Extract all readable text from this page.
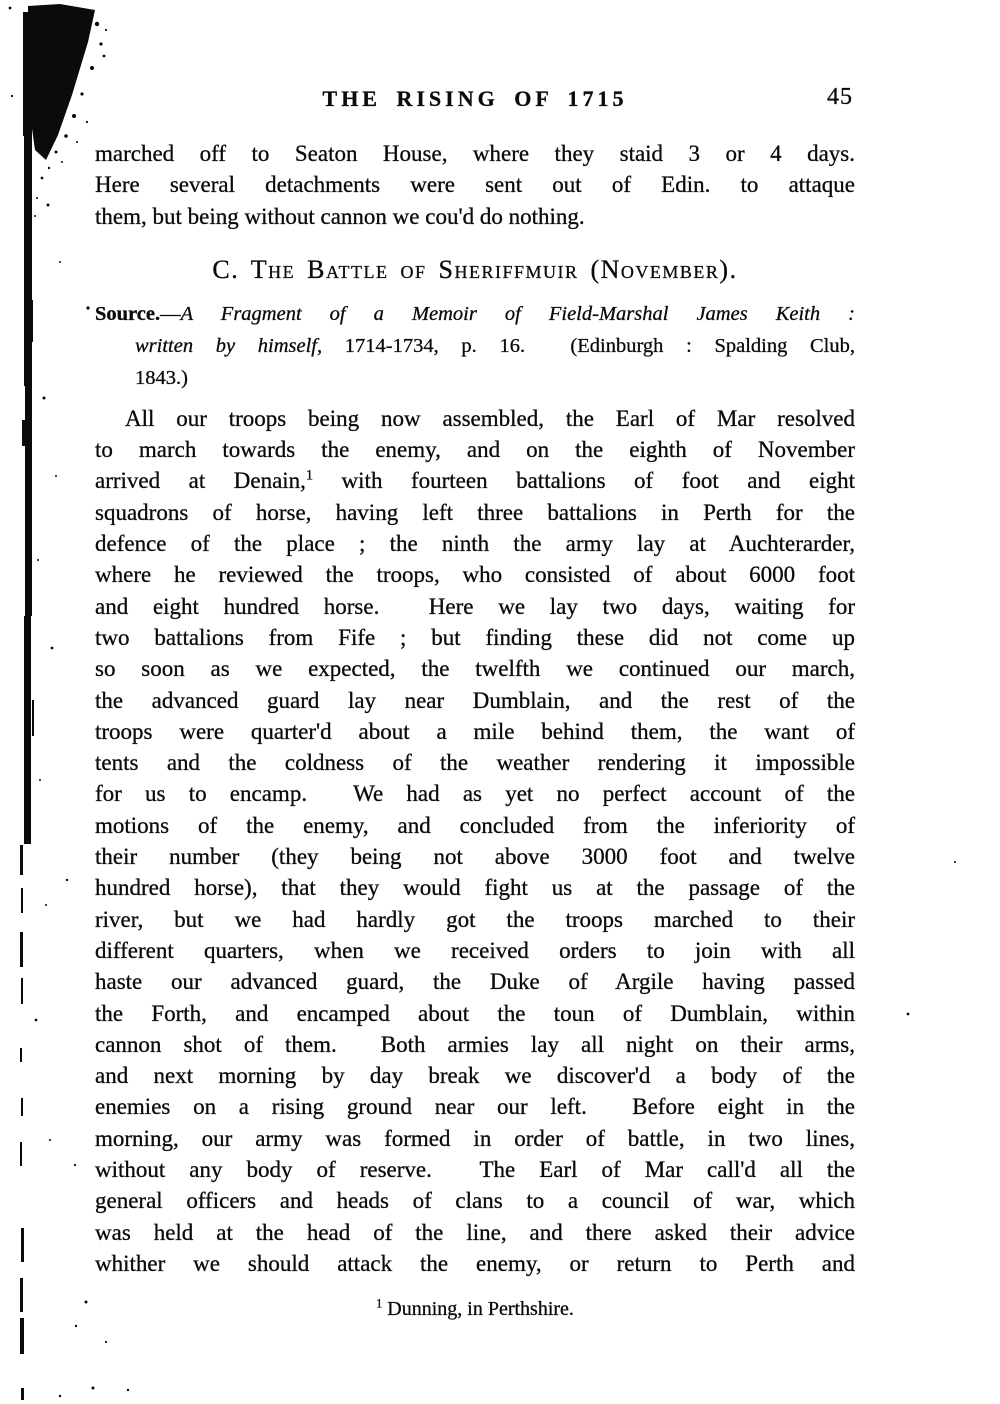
THE RISING OF 1715	45
marched off to Seaton House, where they staid 3 or 4 days.
Here several detachments were sent out of Edin. to attaque
them, but being without cannon we cou'd do nothing.
C. The Battle of Sheriffmuir (November).
Source.—A Fragment of a Memoir of Field-Marshal James Keith :
written by himself, 1714-1734, p. 16.  (Edinburgh : Spalding Club,
1843.)
All our troops being now assembled, the Earl of Mar resolved
to march towards the enemy, and on the eighth of November
arrived at Denain,$^1$ with fourteen battalions of foot and eight
squadrons of horse, having left three battalions in Perth for the
defence of the place ; the ninth the army lay at Auchterarder,
where he reviewed the troops, who consisted of about 6000 foot
and eight hundred horse.  Here we lay two days, waiting for
two battalions from Fife ; but finding these did not come up
so soon as we expected, the twelfth we continued our march,
the advanced guard lay near Dumblain, and the rest of the
troops were quarter'd about a mile behind them, the want of
tents and the coldness of the weather rendering it impossible
for us to encamp.  We had as yet no perfect account of the
motions of the enemy, and concluded from the inferiority of
their number (they being not above 3000 foot and twelve
hundred horse), that they would fight us at the passage of the
river, but we had hardly got the troops marched to their
different quarters, when we received orders to join with all
haste our advanced guard, the Duke of Argile having passed
the Forth, and encamped about the toun of Dumblain, within
cannon shot of them.  Both armies lay all night on their arms,
and next morning by day break we discover'd a body of the
enemies on a rising ground near our left.  Before eight in the
morning, our army was formed in order of battle, in two lines,
without any body of reserve.  The Earl of Mar call'd all the
general officers and heads of clans to a council of war, which
was held at the head of the line, and there asked their advice
whither we should attack the enemy, or return to Perth and
$^1$ Dunning, in Perthshire.
